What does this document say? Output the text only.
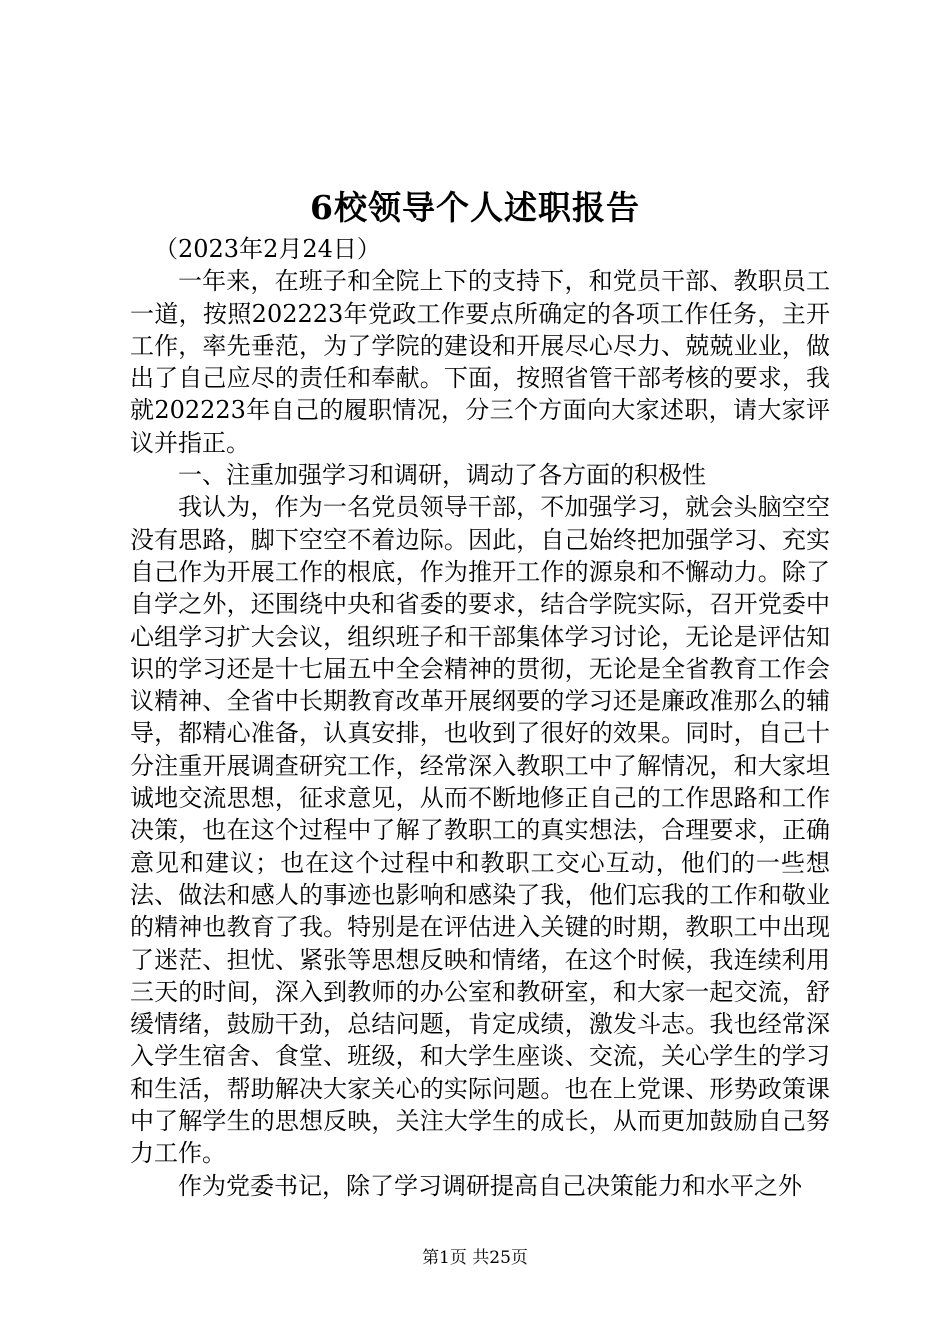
6校领导个人述职报告

（2023年2月24日）

一年来，在班子和全院上下的支持下，和党员干部、教职员工一道，按照202223年党政工作要点所确定的各项工作任务，主开工作，率先垂范，为了学院的建设和开展尽心尽力、兢兢业业，做出了自己应尽的责任和奉献。下面，按照省管干部考核的要求，我就202223年自己的履职情况，分三个方面向大家述职，请大家评议并指正。

一、注重加强学习和调研，调动了各方面的积极性

我认为，作为一名党员领导干部，不加强学习，就会头脑空空没有思路，脚下空空不着边际。因此，自己始终把加强学习、充实自己作为开展工作的根底，作为推开工作的源泉和不懈动力。除了自学之外，还围绕中央和省委的要求，结合学院实际，召开党委中心组学习扩大会议，组织班子和干部集体学习讨论，无论是评估知识的学习还是十七届五中全会精神的贯彻，无论是全省教育工作会议精神、全省中长期教育改革开展纲要的学习还是廉政准那么的辅导，都精心准备，认真安排，也收到了很好的效果。同时，自己十分注重开展调查研究工作，经常深入教职工中了解情况，和大家坦诚地交流思想，征求意见，从而不断地修正自己的工作思路和工作决策，也在这个过程中了解了教职工的真实想法，合理要求，正确意见和建议；也在这个过程中和教职工交心互动，他们的一些想法、做法和感人的事迹也影响和感染了我，他们忘我的工作和敬业的精神也教育了我。特别是在评估进入关键的时期，教职工中出现了迷茫、担忧、紧张等思想反映和情绪，在这个时候，我连续利用三天的时间，深入到教师的办公室和教研室，和大家一起交流，舒缓情绪，鼓励干劲，总结问题，肯定成绩，激发斗志。我也经常深入学生宿舍、食堂、班级，和大学生座谈、交流，关心学生的学习和生活，帮助解决大家关心的实际问题。也在上党课、形势政策课中了解学生的思想反映，关注大学生的成长，从而更加鼓励自己努力工作。

作为党委书记，除了学习调研提高自己决策能力和水平之外

第1页 共25页
